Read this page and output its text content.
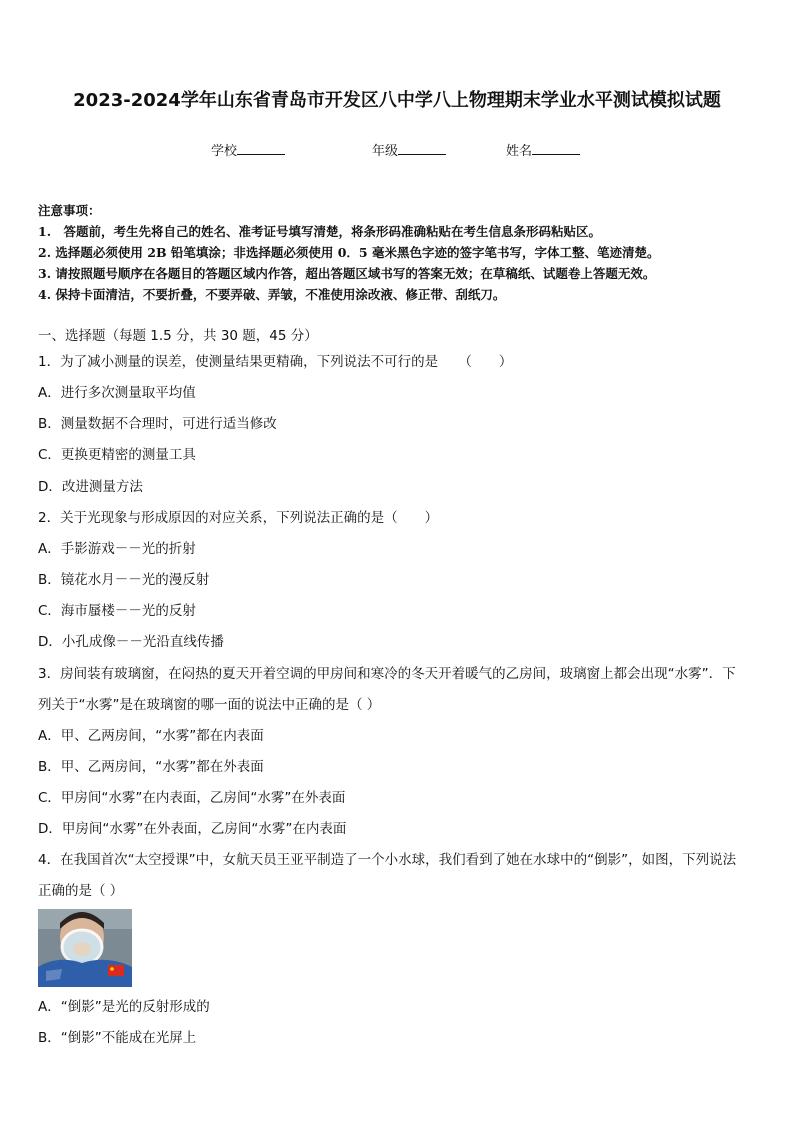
2023-2024学年山东省青岛市开发区八中学八上物理期末学业水平测试模拟试题
学校	年级	姓名
注意事项：
1.　答题前，考生先将自己的姓名、准考证号填写清楚，将条形码准确粘贴在考生信息条形码粘贴区。
2. 选择题必须使用 2B 铅笔填涂；非选择题必须使用 0．5 毫米黑色字迹的签字笔书写，字体工整、笔迹清楚。
3. 请按照题号顺序在各题目的答题区域内作答，超出答题区域书写的答案无效；在草稿纸、试题卷上答题无效。
4. 保持卡面清洁，不要折叠，不要弄破、弄皱，不准使用涂改液、修正带、刮纸刀。
一、选择题（每题 1.5 分，共 30 题，45 分）
1．为了减小测量的误差，使测量结果更精确，下列说法不可行的是　　（　　）
A．进行多次测量取平均值
B．测量数据不合理时，可进行适当修改
C．更换更精密的测量工具
D．改进测量方法
2．关于光现象与形成原因的对应关系，下列说法正确的是（　　）
A．手影游戏－－光的折射
B．镜花水月－－光的漫反射
C．海市蜃楼－－光的反射
D．小孔成像－－光沿直线传播
3．房间装有玻璃窗，在闷热的夏天开着空调的甲房间和寒冷的冬天开着暖气的乙房间，玻璃窗上都会出现“水雾”．下
列关于“水雾”是在玻璃窗的哪一面的说法中正确的是（ ）
A．甲、乙两房间，“水雾”都在内表面
B．甲、乙两房间，“水雾”都在外表面
C．甲房间“水雾”在内表面，乙房间“水雾”在外表面
D．甲房间“水雾”在外表面，乙房间“水雾”在内表面
4．在我国首次“太空授课”中，女航天员王亚平制造了一个小水球，我们看到了她在水球中的“倒影”，如图，下列说法
正确的是（ ）
A．“倒影”是光的反射形成的
B．“倒影”不能成在光屏上
